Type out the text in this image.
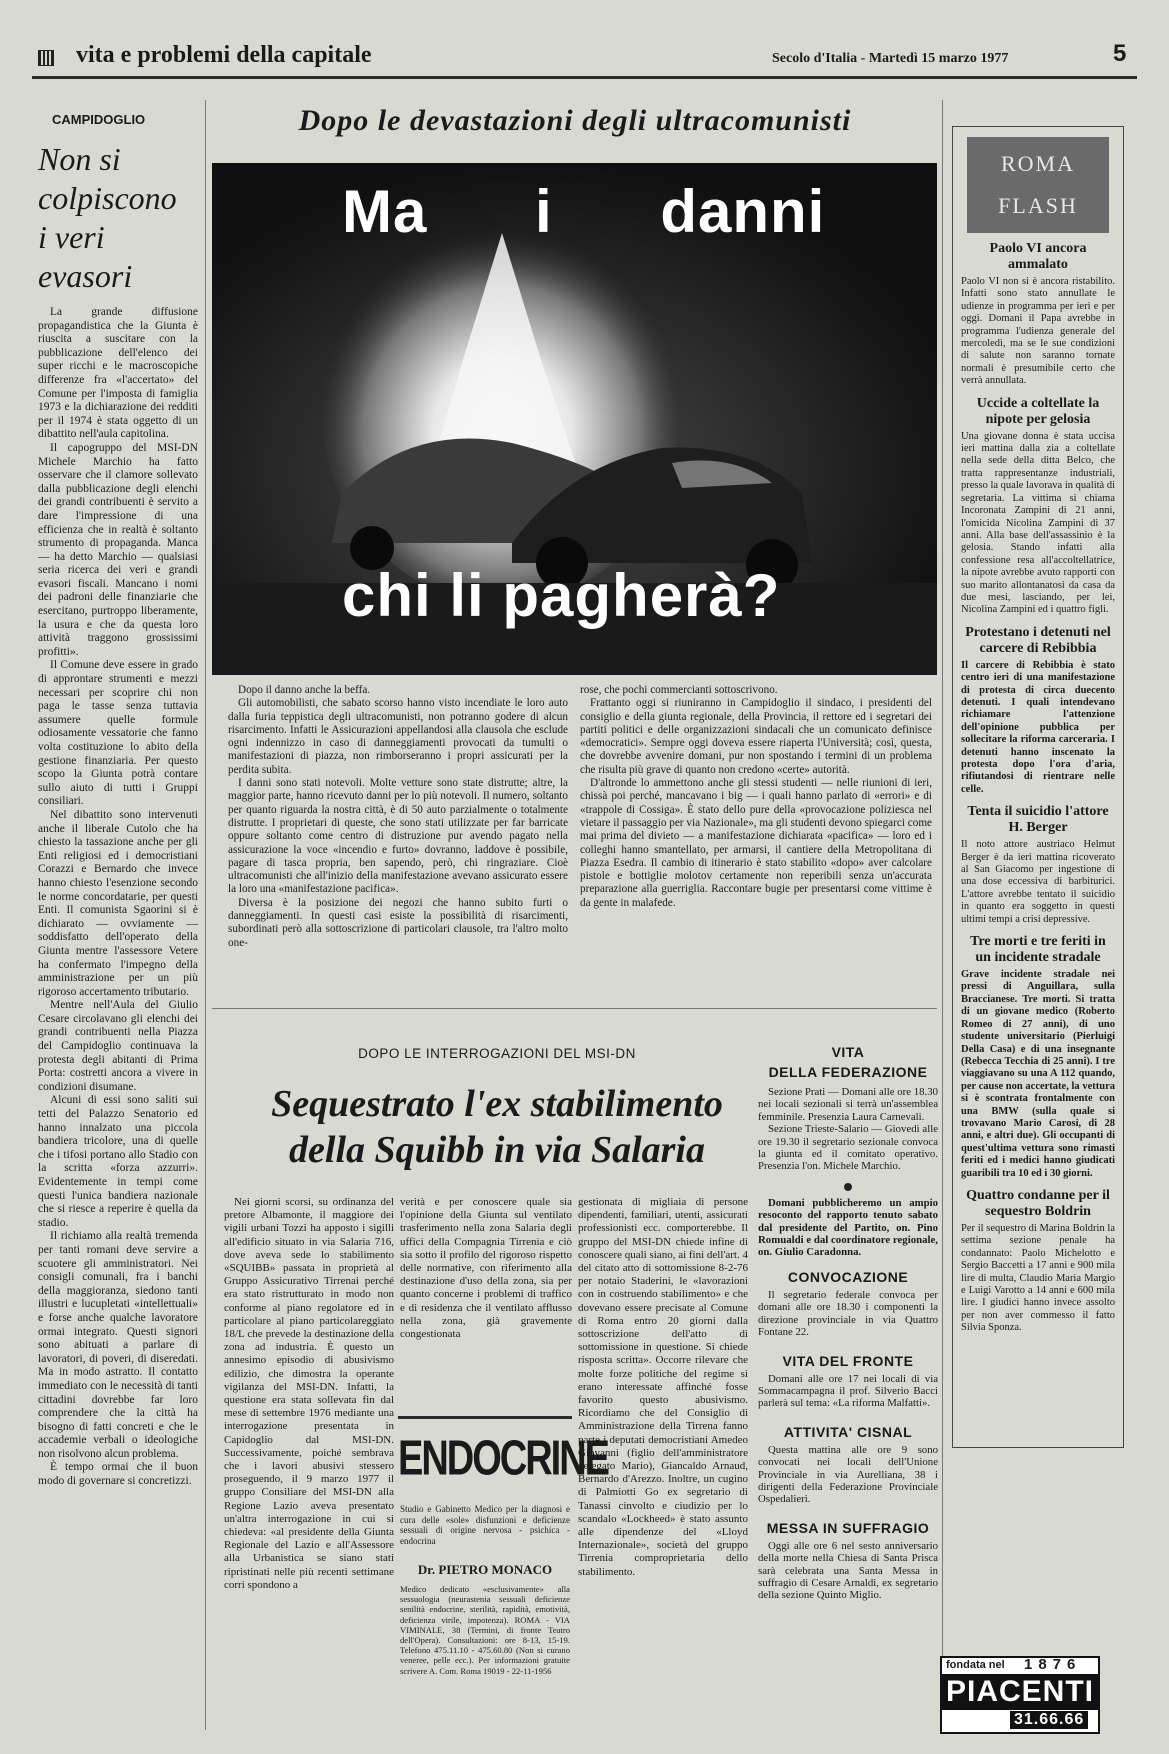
vita e problemi della capitale	Secolo d'Italia - Martedì 15 marzo 1977	5
CAMPIDOGLIO
Non si
colpiscono
i veri
evasori

La grande diffusione propagandistica che la Giunta è riuscita a suscitare con la pubblicazione dell'elenco dei super ricchi e le macroscopiche differenze fra «l'accertato» del Comune per l'imposta di famiglia 1973 e la dichiarazione dei redditi per il 1974 è stata oggetto di un dibattito nell'aula capitolina.

Il capogruppo del MSI-DN Michele Marchio ha fatto osservare che il clamore sollevato dalla pubblicazione degli elenchi dei grandi contribuenti è servito a dare l'impressione di una efficienza che in realtà è soltanto strumento di propaganda. Manca — ha detto Marchio — qualsiasi seria ricerca dei veri e grandi evasori fiscali. Mancano i nomi dei padroni delle finanziarie che esercitano, purtroppo liberamente, la usura e che da questa loro attività traggono grossissimi profitti».

Il Comune deve essere in grado di approntare strumenti e mezzi necessari per scoprire chi non paga le tasse senza tuttavia assumere quelle formule odiosamente vessatorie che fanno volta costituzione lo abito della gestione finanziaria. Per questo scopo la Giunta potrà contare sullo aiuto di tutti i Gruppi consiliari.

Nel dibattito sono intervenuti anche il liberale Cutolo che ha chiesto la tassazione anche per gli Enti religiosi ed i democristiani Corazzi e Bernardo che invece hanno chiesto l'esenzione secondo le norme concordatarie, per questi Enti. Il comunista Sgaorini si è dichiarato — ovviamente — soddisfatto dell'operato della Giunta mentre l'assessore Vetere ha confermato l'impegno della amministrazione per un più rigoroso accertamento tributario.

Mentre nell'Aula del Giulio Cesare circolavano gli elenchi dei grandi contribuenti nella Piazza del Campidoglio continuava la protesta degli abitanti di Prima Porta: costretti ancora a vivere in condizioni disumane.

Alcuni di essi sono saliti sui tetti del Palazzo Senatorio ed hanno innalzato una piccola bandiera tricolore, una di quelle che i tifosi portano allo Stadio con la scritta «forza azzurri». Evidentemente in tempi come questi l'unica bandiera nazionale che si riesce a reperire è quella da stadio.

Il richiamo alla realtà tremenda per tanti romani deve servire a scuotere gli amministratori. Nei consigli comunali, fra i banchi della maggioranza, siedono tanti illustri e lucupletati «intellettuali» e forse anche qualche lavoratore ormai integrato. Questi signori sono abituati a parlare di lavoratori, di poveri, di diseredati. Ma in modo astratto. Il contatto immediato con le necessità di tanti cittadini dovrebbe far loro comprendere che la città ha bisogno di fatti concreti e che le accademie verbali o ideologiche non risolvono alcun problema.

È tempo ormai che il buon modo di governare si concretizzi.

Dopo le devastazioni degli ultracomunisti
Ma i danni
chi li pagherà?

Dopo il danno anche la beffa.

Gli automobilisti, che sabato scorso hanno visto incendiate le loro auto dalla furia teppistica degli ultracomunisti, non potranno godere di alcun risarcimento. Infatti le Assicurazioni appellandosi alla clausola che esclude ogni indennizzo in caso di danneggiamenti provocati da tumulti o manifestazioni di piazza, non rimborseranno i propri assicurati per la perdita subita.

I danni sono stati notevoli. Molte vetture sono state distrutte; altre, la maggior parte, hanno ricevuto danni per lo più notevoli. Il numero, soltanto per quanto riguarda la nostra città, è di 50 auto parzialmente o totalmente distrutte. I proprietari di queste, che sono stati utilizzate per far barricate oppure soltanto come centro di distruzione pur avendo pagato nella assicurazione la voce «incendio e furto» dovranno, laddove è possibile, pagare di tasca propria, ben sapendo, però, chi ringraziare. Cioè ultracomunisti che all'inizio della manifestazione avevano assicurato essere la loro una «manifestazione pacifica».

Diversa è la posizione dei negozi che hanno subito furti o danneggiamenti. In questi casi esiste la possibilità di risarcimenti, subordinati però alla sottoscrizione di particolari clausole, tra l'altro molto one-

rose, che pochi commercianti sottoscrivono.

Frattanto oggi si riuniranno in Campidoglio il sindaco, i presidenti del consiglio e della giunta regionale, della Provincia, il rettore ed i segretari dei partiti politici e delle organizzazioni sindacali che un comunicato definisce «democratici». Sempre oggi doveva essere riaperta l'Università; così, questa, che dovrebbe avvenire domani, pur non spostando i termini di un problema che risulta più grave di quanto non credono «certe» autorità.

D'altronde lo ammettono anche gli stessi studenti — nelle riunioni di ieri, chissà poi perché, mancavano i big — i quali hanno parlato di «errori» e di «trappole di Cossiga». È stato dello pure della «provocazione poliziesca nel vietare il passaggio per via Nazionale», ma gli studenti devono spiegarci come mai prima del divieto — a manifestazione dichiarata «pacifica» — loro ed i colleghi hanno smantellato, per armarsi, il cantiere della Metropolitana di Piazza Esedra. Il cambio di itinerario è stato stabilito «dopo» aver calcolare pistole e bottiglie molotov certamente non reperibili senza un'accurata preparazione alla guerriglia. Raccontare bugie per presentarsi come vittime è da gente in malafede.

DOPO LE INTERROGAZIONI DEL MSI-DN
Sequestrato l'ex stabilimento
della Squibb in via Salaria
Nei giorni scorsi, su ordinanza del pretore Albamonte, il maggiore dei vigili urbani Tozzi ha apposto i sigilli all'edificio situato in via Salaria 716, dove aveva sede lo stabilimento «SQUIBB» passata in proprietà al Gruppo Assicurativo Tirrenai perché era stato ristrutturato in modo non conforme al piano regolatore ed in particolare al piano particolareggiato 18/L che prevede la destinazione della zona ad industria. È questo un annesimo episodio di abusivismo edilizio, che dimostra la operante vigilanza del MSI-DN. Infatti, la questione era stata sollevata fin dal mese di settembre 1976 mediante una interrogazione presentata in Capidoglio dal MSI-DN. Successivamente, poiché sembrava che i lavori abusivi stessero proseguendo, il 9 marzo 1977 il gruppo Consiliare del MSI-DN alla Regione Lazio aveva presentato un'altra interrogazione in cui si chiedeva: «al presidente della Giunta Regionale del Lazio e all'Assessore alla Urbanistica se siano stati ripristinati nelle più recenti settimane corri spondono a
verità e per conoscere quale sia l'opinione della Giunta sul ventilato trasferimento nella zona Salaria degli uffici della Compagnia Tirrenia e ciò sia sotto il profilo del rigoroso rispetto delle normative, con riferimento alla destinazione d'uso della zona, sia per quanto concerne i problemi di traffico e di residenza che il ventilato afflusso nella zona, già gravemente congestionata
gestionata di migliaia di persone dipendenti, familiari, utenti, assicurati professionisti ecc. comporterebbe. Il gruppo del MSI-DN chiede infine di conoscere quali siano, ai fini dell'art. 4 del citato atto di sottomissione 8-2-76 per notaio Staderini, le «lavorazioni con in costruendo stabilimento» e che dovevano essere precisate al Comune di Roma entro 20 giorni dalla sottoscrizione dell'atto di sottomissione in questione. Si chiede risposta scritta». Occorre rilevare che molte forze politiche del regime si erano interessate affinché fosse favorito questo abusivismo. Ricordiamo che del Consiglio di Amministrazione della Tirrena fanno parte i deputati democristiani Amedeo Giovanni (figlio dell'amministratore delegato Mario), Giancaldo Arnaud, Bernardo d'Arezzo. Inoltre, un cugino di Palmiotti Go ex segretario di Tanassi cinvolto e ciudizio per lo scandalo «Lockheed» è stato assunto alle dipendenze del «Lloyd Internazionale», società del gruppo Tirrenia comproprietaria dello stabilimento.
ENDOCRINE
Studio e Gabinetto Medico per la diagnosi e cura delle «sole» disfunzioni e deficienze sessuali di origine nervosa - psichica - endocrina
Dr. PIETRO MONACO
Medico dedicato «esclusivamente» alla sessuologia (neurastenia sessuali deficienze senilità endocrine, sterilità, rapidità, emotività, deficienza virile, impotenza). ROMA - VIA VIMINALE, 38 (Termini, di fronte Teatro dell'Opera). Consultazioni: ore 8-13, 15-19. Telefono 475.11.10 - 475.60.80 (Non si curano veneree, pelle ecc.). Per informazioni gratuite scrivere A. Com. Roma 19019 - 22-11-1956
VITA
DELLA FEDERAZIONE

Sezione Prati — Domani alle ore 18.30 nei locali sezionali si terrà un'assemblea femminile. Presenzia Laura Carnevali.

Sezione Trieste-Salario — Giovedì alle ore 19.30 il segretario sezionale convoca la giunta ed il comitato operativo. Presenzia l'on. Michele Marchio.

Domani pubblicheremo un ampio resoconto del rapporto tenuto sabato dal presidente del Partito, on. Pino Romualdi e dal coordinatore regionale, on. Giulio Caradonna.

CONVOCAZIONE

Il segretario federale convoca per domani alle ore 18.30 i componenti la direzione provinciale in via Quattro Fontane 22.

VITA DEL FRONTE

Domani alle ore 17 nei locali di via Sommacampagna il prof. Silverio Bacci parlerà sul tema: «La riforma Malfatti».

ATTIVITA' CISNAL

Questa mattina alle ore 9 sono convocati nei locali dell'Unione Provinciale in via Aurelliana, 38 i dirigenti della Federazione Provinciale Ospedalieri.

MESSA IN SUFFRAGIO

Oggi alle ore 6 nel sesto anniversario della morte nella Chiesa di Santa Prisca sarà celebrata una Santa Messa in suffragio di Cesare Arnaldi, ex segretario della sezione Quinto Miglio.

ROMA
FLASH
Paolo VI ancora ammalato

Paolo VI non si è ancora ristabilito. Infatti sono stato annullate le udienze in programma per ieri e per oggi. Domani il Papa avrebbe in programma l'udienza generale del mercoledì, ma se le sue condizioni di salute non saranno tornate normali è presumibile certo che verrà annullata.

Uccide a coltellate la nipote per gelosia

Una giovane donna è stata uccisa ieri mattina dalla zia a coltellate nella sede della ditta Belco, che tratta rappresentanze industriali, presso la quale lavorava in qualità di segretaria. La vittima si chiama Incoronata Zampini di 21 anni, l'omicida Nicolina Zampini di 37 anni. Alla base dell'assassinio è la gelosia. Stando infatti alla confessione resa all'accoltellatrice, la nipote avrebbe avuto rapporti con suo marito allontanatosi da casa da due mesi, lasciando, per lei, Nicolina Zampini ed i quattro figli.

Protestano i detenuti nel carcere di Rebibbia

Il carcere di Rebibbia è stato centro ieri di una manifestazione di protesta di circa duecento detenuti. I quali intendevano richiamare l'attenzione dell'opinione pubblica per sollecitare la riforma carceraria. I detenuti hanno inscenato la protesta dopo l'ora d'aria, rifiutandosi di rientrare nelle celle.

Tenta il suicidio l'attore H. Berger

Il noto attore austriaco Helmut Berger è da ieri mattina ricoverato al San Giacomo per ingestione di una dose eccessiva di barbiturici. L'attore avrebbe tentato il suicidio in quanto era soggetto in questi ultimi tempi a crisi depressive.

Tre morti e tre feriti in un incidente stradale

Grave incidente stradale nei pressi di Anguillara, sulla Braccianese. Tre morti. Si tratta di un giovane medico (Roberto Romeo di 27 anni), di uno studente universitario (Pierluigi Della Casa) e di una insegnante (Rebecca Tecchia di 25 anni). I tre viaggiavano su una A 112 quando, per cause non accertate, la vettura si è scontrata frontalmente con una BMW (sulla quale si trovavano Mario Carosi, di 28 anni, e altri due). Gli occupanti di quest'ultima vettura sono rimasti feriti ed i medici hanno giudicati guaribili tra 10 ed i 30 giorni.

Quattro condanne per il sequestro Boldrin

Per il sequestro di Marina Boldrin la settima sezione penale ha condannato: Paolo Michelotto e Sergio Baccetti a 17 anni e 900 mila lire di multa, Claudio Maria Margio e Luigi Varotto a 14 anni e 600 mila lire. I giudici hanno invece assolto per non aver commesso il fatto Silvia Sponza.

fondata nel 1876
PIACENTI
31.66.66
